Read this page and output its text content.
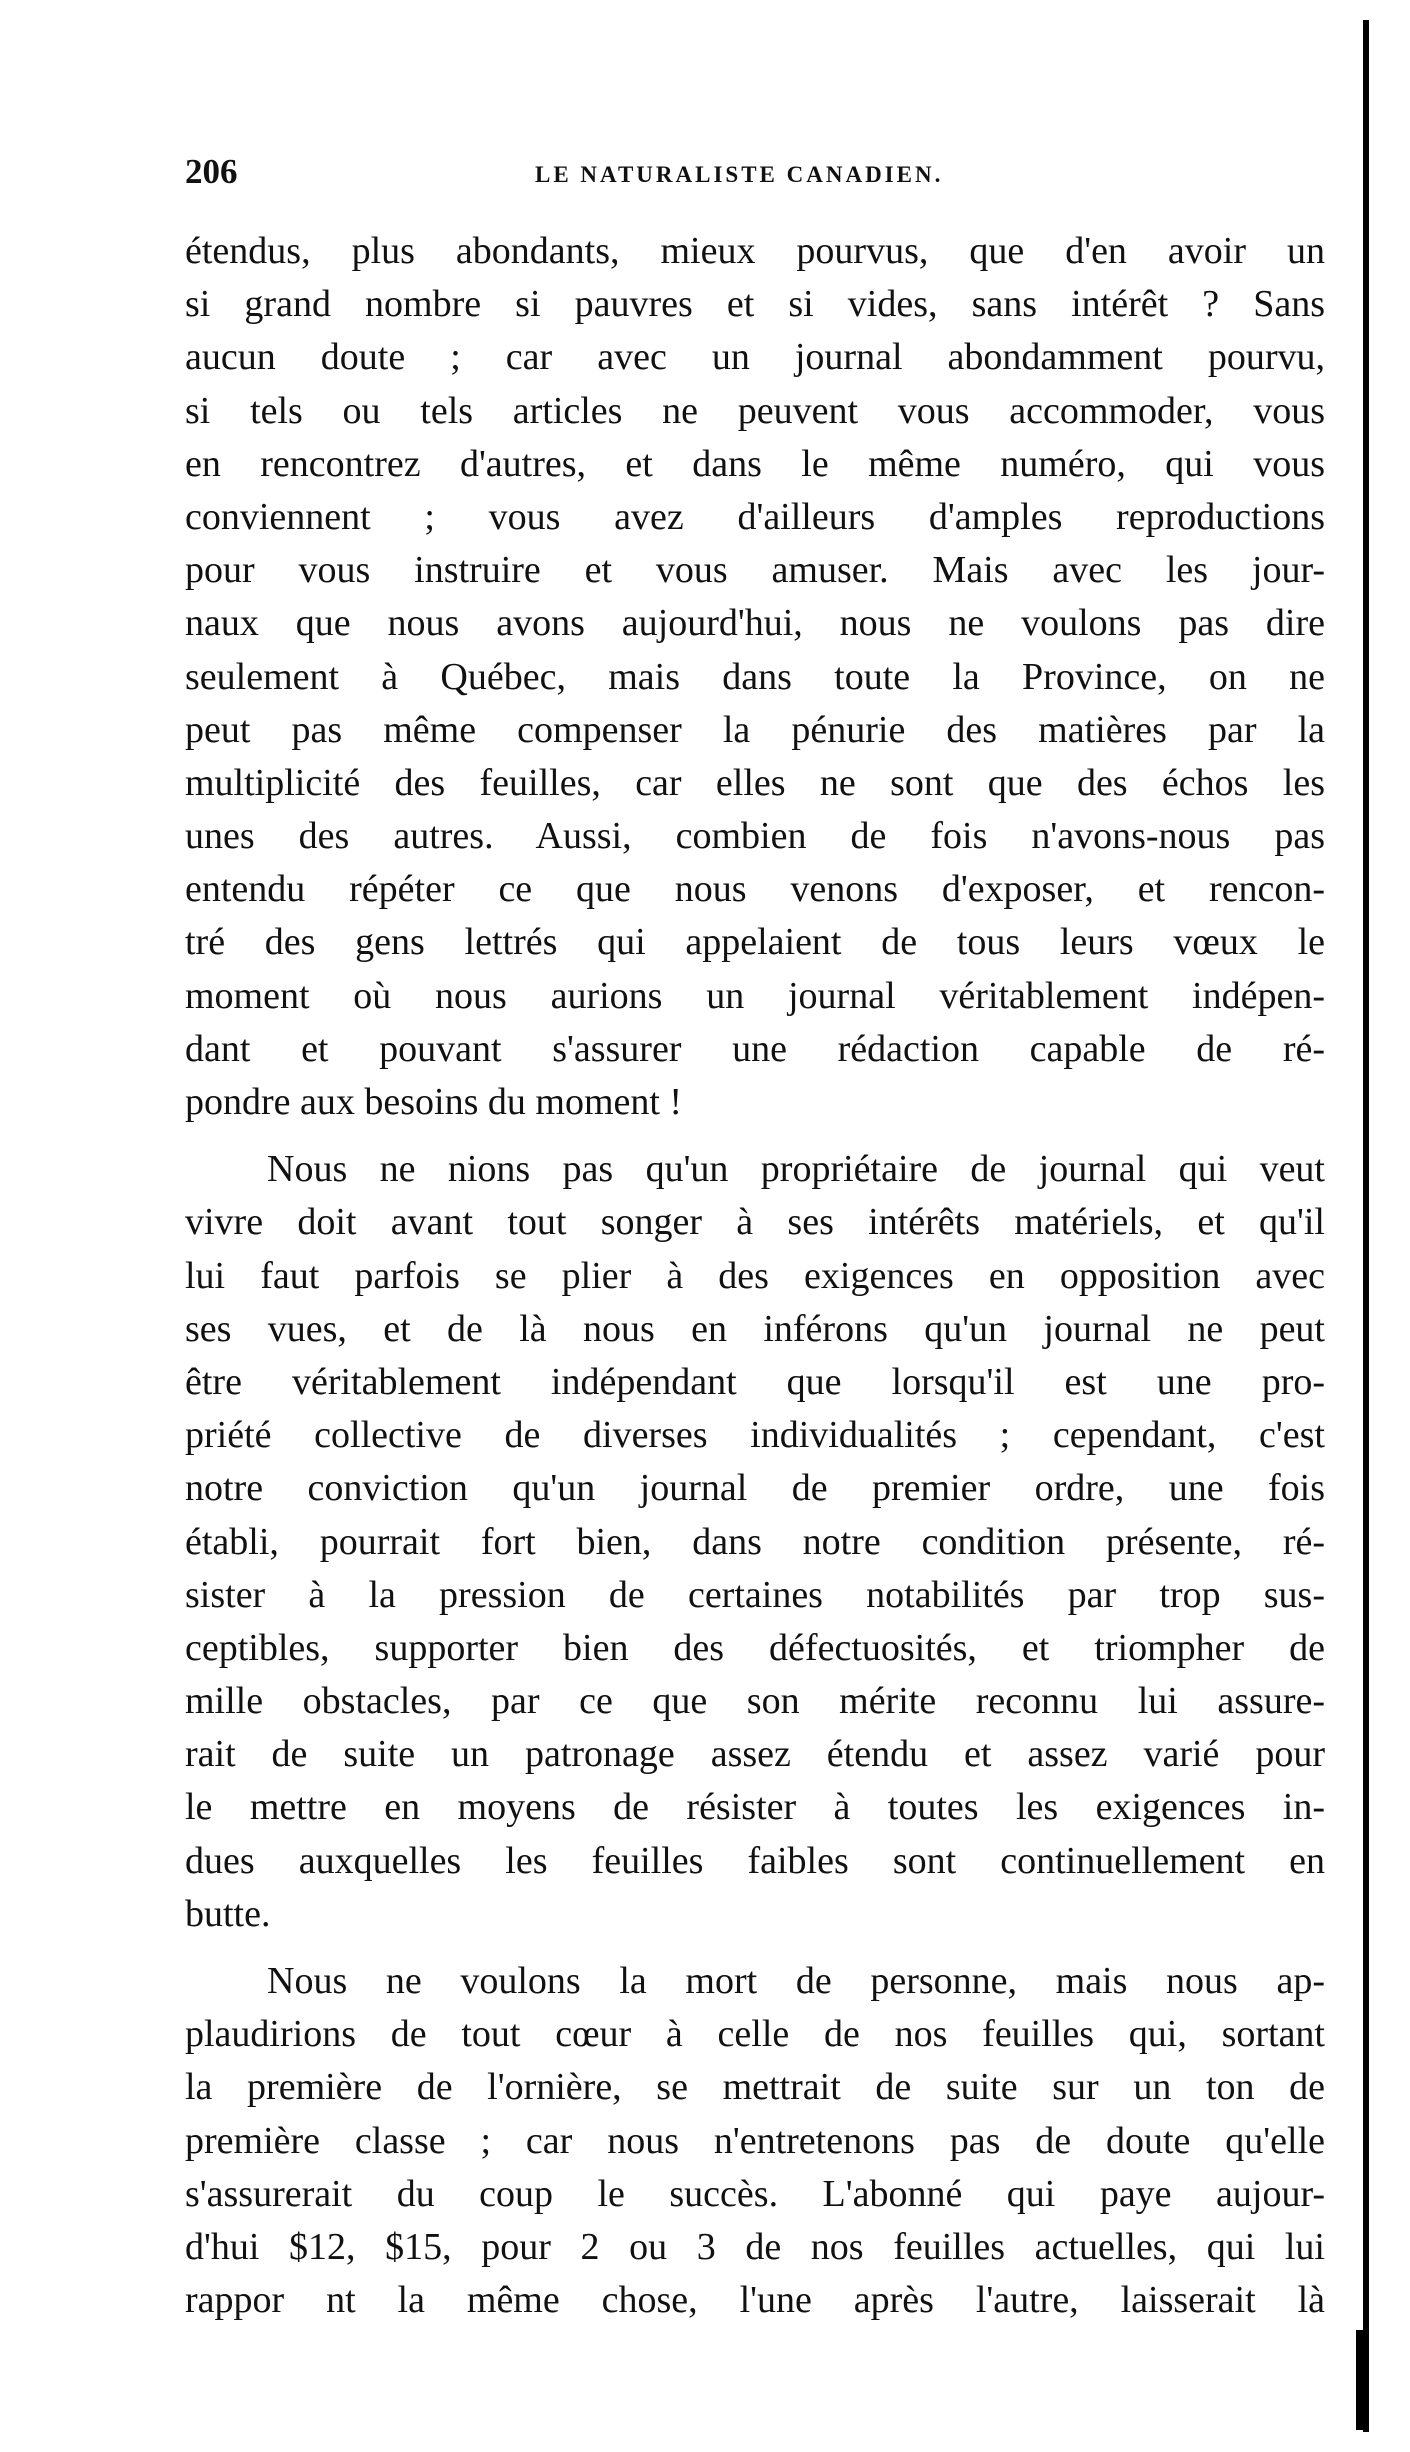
206	LE NATURALISTE CANADIEN.
étendus, plus abondants, mieux pourvus, que d'en avoir un
si grand nombre si pauvres et si vides, sans intérêt ? Sans
aucun doute ; car avec un journal abondamment pourvu,
si tels ou tels articles ne peuvent vous accommoder, vous
en rencontrez d'autres, et dans le même numéro, qui vous
conviennent ; vous avez d'ailleurs d'amples reproductions
pour vous instruire et vous amuser. Mais avec les jour-
naux que nous avons aujourd'hui, nous ne voulons pas dire
seulement à Québec, mais dans toute la Province, on ne
peut pas même compenser la pénurie des matières par la
multiplicité des feuilles, car elles ne sont que des échos les
unes des autres. Aussi, combien de fois n'avons-nous pas
entendu répéter ce que nous venons d'exposer, et rencon-
tré des gens lettrés qui appelaient de tous leurs vœux le
moment où nous aurions un journal véritablement indépen-
dant et pouvant s'assurer une rédaction capable de ré-
pondre aux besoins du moment !
Nous ne nions pas qu'un propriétaire de journal qui veut
vivre doit avant tout songer à ses intérêts matériels, et qu'il
lui faut parfois se plier à des exigences en opposition avec
ses vues, et de là nous en inférons qu'un journal ne peut
être véritablement indépendant que lorsqu'il est une pro-
priété collective de diverses individualités ; cependant, c'est
notre conviction qu'un journal de premier ordre, une fois
établi, pourrait fort bien, dans notre condition présente, ré-
sister à la pression de certaines notabilités par trop sus-
ceptibles, supporter bien des défectuosités, et triompher de
mille obstacles, par ce que son mérite reconnu lui assure-
rait de suite un patronage assez étendu et assez varié pour
le mettre en moyens de résister à toutes les exigences in-
dues auxquelles les feuilles faibles sont continuellement en
butte.
Nous ne voulons la mort de personne, mais nous ap-
plaudirions de tout cœur à celle de nos feuilles qui, sortant
la première de l'ornière, se mettrait de suite sur un ton de
première classe ; car nous n'entretenons pas de doute qu'elle
s'assurerait du coup le succès. L'abonné qui paye aujour-
d'hui $12, $15, pour 2 ou 3 de nos feuilles actuelles, qui lui
rappor nt la même chose, l'une après l'autre, laisserait là
